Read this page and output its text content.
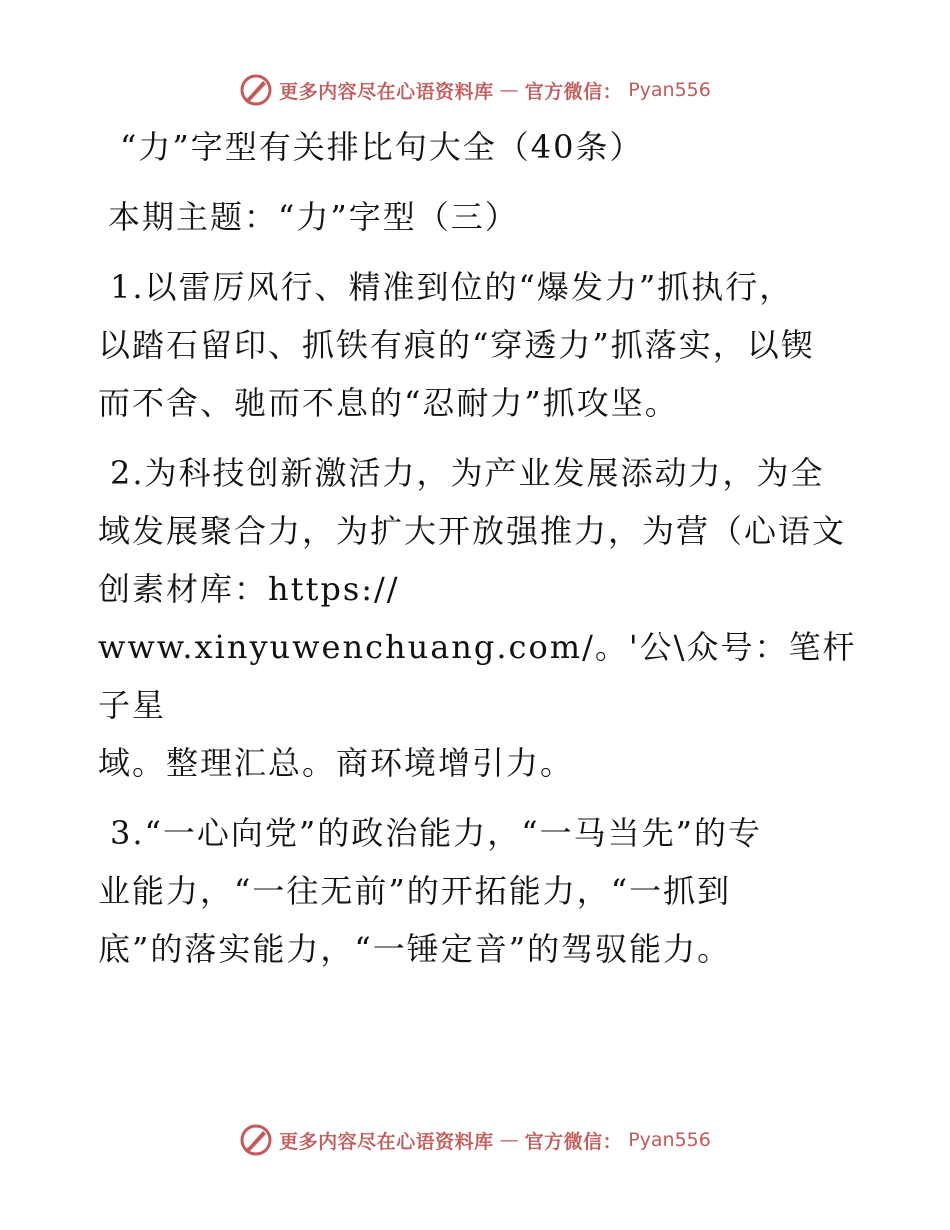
更多内容尽在心语资料库 — 官方微信： Pyan556
“力”字型有关排比句大全（40条）

本期主题：“力”字型（三）

1.以雷厉风行、精准到位的“爆发力”抓执行，
以踏石留印、抓铁有痕的“穿透力”抓落实，以锲
而不舍、驰而不息的“忍耐力”抓攻坚。

2.为科技创新激活力，为产业发展添动力，为全
域发展聚合力，为扩大开放强推力，为营（心语文
创素材库：https://
www.xinyuwenchuang.com/。'公\众号：笔杆子星
域。整理汇总。商环境增引力。

3.“一心向党”的政治能力，“一马当先”的专
业能力，“一往无前”的开拓能力，“一抓到
底”的落实能力，“一锤定音”的驾驭能力。

更多内容尽在心语资料库 — 官方微信： Pyan556
